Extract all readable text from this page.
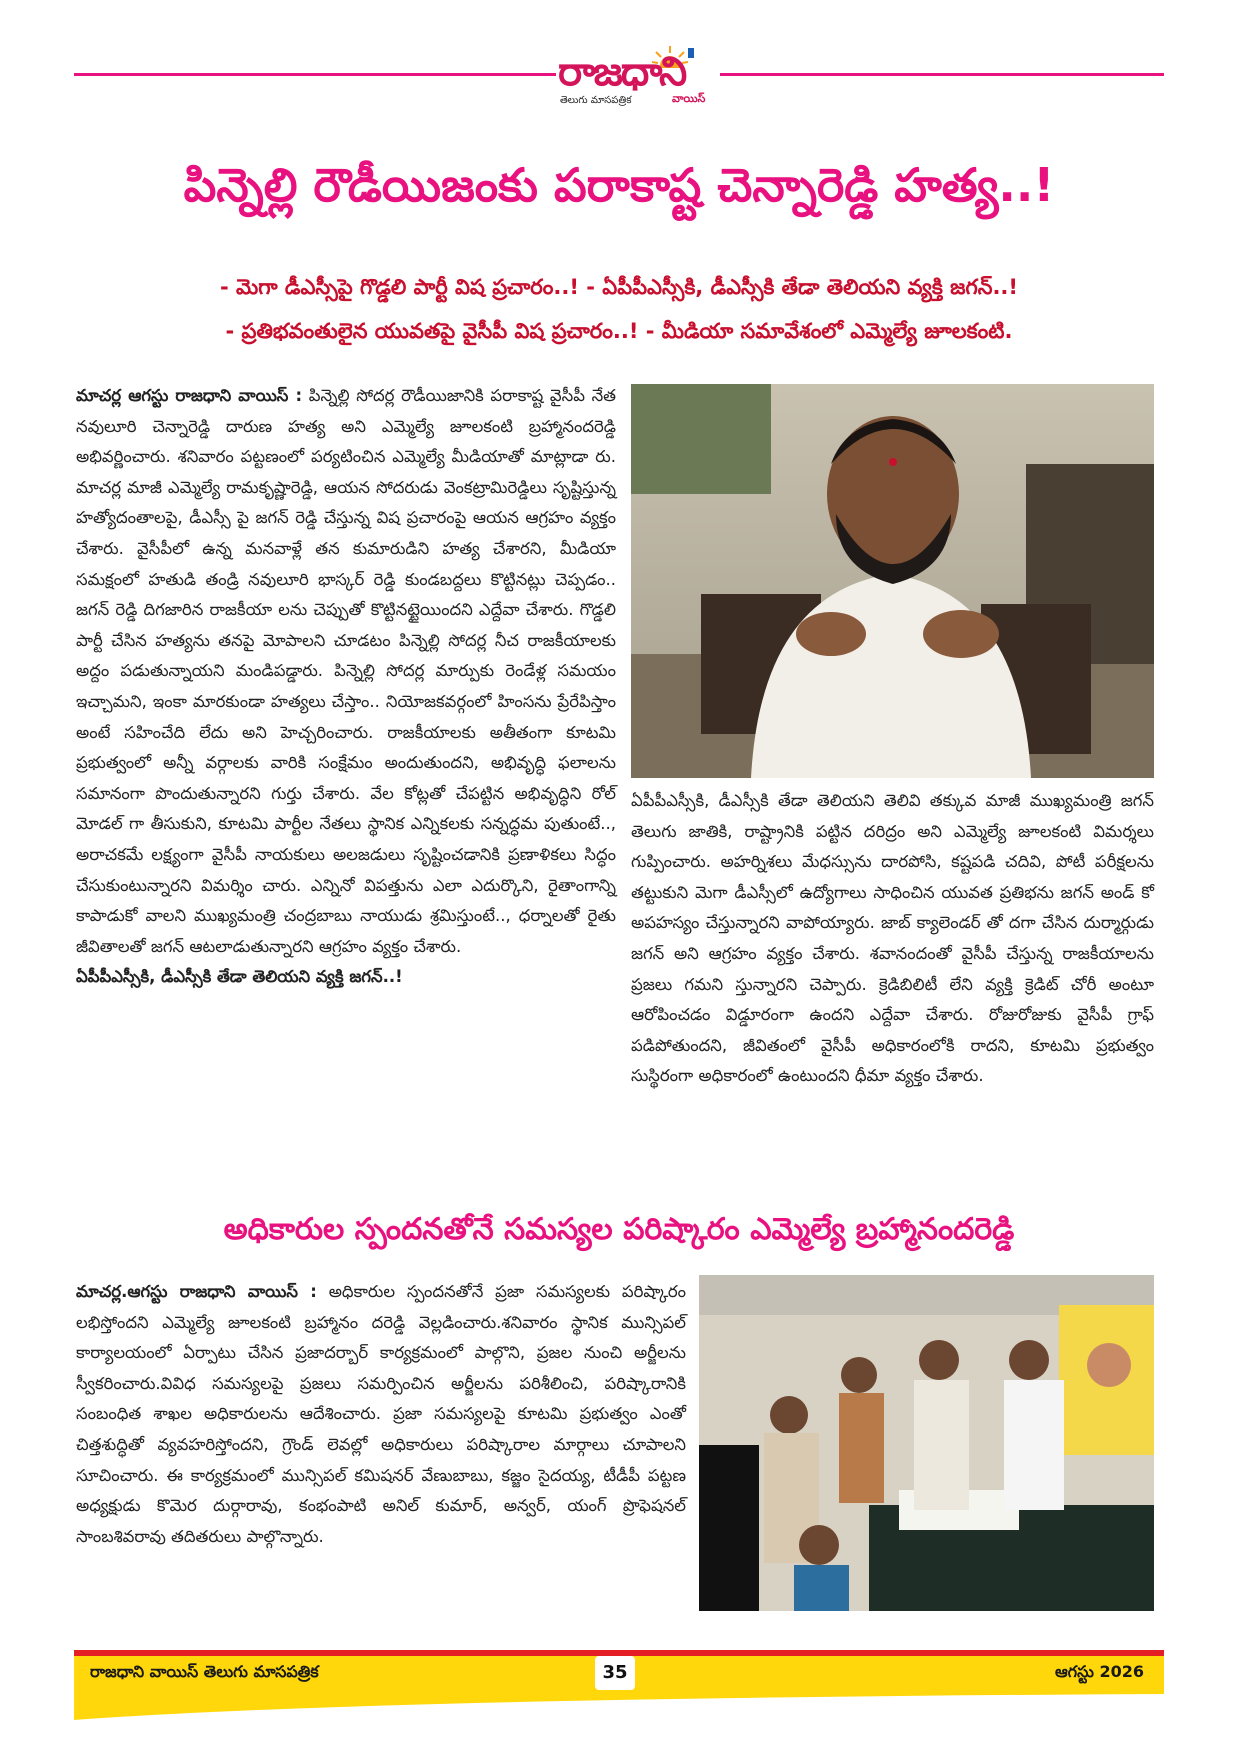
రాజధాని
తెలుగు మాసపత్రిక	వాయిస్
పిన్నెల్లి రౌడీయిజంకు పరాకాష్ట చెన్నారెడ్డి హత్య..!
- మెగా డీఎస్సీపై గొడ్డలి పార్టీ విష ప్రచారం..! - ఏపీపీఎస్సీకి, డీఎస్సీకి తేడా తెలియని వ్యక్తి జగన్..!
- ప్రతిభవంతులైన యువతపై వైసీపీ విష ప్రచారం..! - మీడియా సమావేశంలో ఎమ్మెల్యే జూలకంటి.
మాచర్ల ఆగస్టు రాజధాని వాయిస్ : పిన్నెల్లి సోదర్ల రౌడీయిజానికి పరాకాష్ట వైసీపీ నేత నవులూరి చెన్నారెడ్డి దారుణ హత్య అని ఎమ్మెల్యే జూలకంటి బ్రహ్మానందరెడ్డి అభివర్ణించారు. శనివారం పట్టణంలో పర్యటించిన ఎమ్మెల్యే మీడియాతో మాట్లాడా రు. మాచర్ల మాజీ ఎమ్మెల్యే రామకృష్ణారెడ్డి, ఆయన సోదరుడు వెంకట్రామిరెడ్డిలు సృష్టిస్తున్న హత్యోదంతాలపై, డీఎస్సీ పై జగన్ రెడ్డి చేస్తున్న విష ప్రచారంపై ఆయన ఆగ్రహం వ్యక్తం చేశారు. వైసీపీలో ఉన్న మనవాళ్లే తన కుమారుడిని హత్య చేశారని, మీడియా సమక్షంలో హతుడి తండ్రి నవులూరి భాస్కర్ రెడ్డి కుండబద్దలు కొట్టినట్లు చెప్పడం.. జగన్ రెడ్డి దిగజారిన రాజకీయా లను చెప్పుతో కొట్టినట్టైయిందని ఎద్దేవా చేశారు. గొడ్డలి పార్టీ చేసిన హత్యను తనపై మోపాలని చూడటం పిన్నెల్లి సోదర్ల నీచ రాజకీయాలకు అద్దం పడుతున్నాయని మండిపడ్డారు. పిన్నెల్లి సోదర్ల మార్పుకు రెండేళ్ల సమయం ఇచ్చామని, ఇంకా మారకుండా హత్యలు చేస్తాం.. నియోజకవర్గంలో హింసను ప్రేరేపిస్తాం అంటే సహించేది లేదు అని హెచ్చరించారు. రాజకీయాలకు అతీతంగా కూటమి ప్రభుత్వంలో అన్నీ వర్గాలకు వారికి సంక్షేమం అందుతుందని, అభివృద్ధి ఫలాలను సమానంగా పొందుతున్నారని గుర్తు చేశారు. వేల కోట్లతో చేపట్టిన అభివృద్ధిని రోల్ మోడల్ గా తీసుకుని, కూటమి పార్టీల నేతలు స్థానిక ఎన్నికలకు సన్నద్ధమ పుతుంటే.., అరాచకమే లక్ష్యంగా వైసీపీ నాయకులు అలజడులు సృష్టించడానికి ప్రణాళికలు సిద్ధం చేసుకుంటున్నారని విమర్శిం చారు. ఎన్నినో విపత్తును ఎలా ఎదుర్కొని, రైతాంగాన్ని కాపాడుకో వాలని ముఖ్యమంత్రి చంద్రబాబు నాయుడు శ్రమిస్తుంటే.., ధర్నాలతో రైతు జీవితాలతో జగన్ ఆటలాడుతున్నారని ఆగ్రహం వ్యక్తం చేశారు.
ఏపీపీఎస్సీకి, డీఎస్సీకి తేడా తెలియని వ్యక్తి జగన్..!
ఏపీపీఎస్సీకి, డీఎస్సీకి తేడా తెలియని తెలివి తక్కువ మాజీ ముఖ్యమంత్రి జగన్ తెలుగు జాతికి, రాష్ట్రానికి పట్టిన దరిద్రం అని ఎమ్మెల్యే జూలకంటి విమర్శలు గుప్పించారు. అహర్నిశలు మేధస్సును దారపోసి, కష్టపడి చదివి, పోటీ పరీక్షలను తట్టుకుని మెగా డీఎస్సీలో ఉద్యోగాలు సాధించిన యువత ప్రతిభను జగన్ అండ్ కో అపహస్యం చేస్తున్నారని వాపోయ్యారు. జాబ్ క్యాలెండర్ తో దగా చేసిన దుర్మార్గుడు జగన్ అని ఆగ్రహం వ్యక్తం చేశారు. శవానందంతో వైసీపీ చేస్తున్న రాజకీయాలను ప్రజలు గమని స్తున్నారని చెప్పారు. క్రెడిబిలిటీ లేని వ్యక్తి క్రెడిట్ చోరీ అంటూ ఆరోపించడం విడ్డూరంగా ఉందని ఎద్దేవా చేశారు. రోజురోజుకు వైసీపీ గ్రాఫ్ పడిపోతుందని, జీవితంలో వైసీపీ అధికారంలోకి రాదని, కూటమి ప్రభుత్వం సుస్థిరంగా అధికారంలో ఉంటుందని ధీమా వ్యక్తం చేశారు.
అధికారుల స్పందనతోనే సమస్యల పరిష్కారం ఎమ్మెల్యే బ్రహ్మానందరెడ్డి
మాచర్ల.ఆగస్టు రాజధాని వాయిస్ : అధికారుల స్పందనతోనే ప్రజా సమస్యలకు పరిష్కారం లభిస్తోందని ఎమ్మెల్యే జూలకంటి బ్రహ్మానం దరెడ్డి వెల్లడించారు.శనివారం స్థానిక మున్సిపల్ కార్యాలయంలో ఏర్పాటు చేసిన ప్రజాదర్బార్ కార్యక్రమంలో పాల్గొని, ప్రజల నుంచి అర్జీలను స్వీకరించారు.వివిధ సమస్యలపై ప్రజలు సమర్పించిన అర్జీలను పరిశీలించి, పరిష్కారానికి సంబంధిత శాఖల అధికారులను ఆదేశించారు. ప్రజా సమస్యలపై కూటమి ప్రభుత్వం ఎంతో చిత్తశుద్ధితో వ్యవహరిస్తోందని, గ్రౌండ్ లెవల్లో అధికారులు పరిష్కారాల మార్గాలు చూపాలని సూచించారు. ఈ కార్యక్రమంలో మున్సిపల్ కమిషనర్ వేణుబాబు, కజ్జం సైదయ్య, టీడీపీ పట్టణ అధ్యక్షుడు కొమెర దుర్గారావు, కంభంపాటి అనిల్ కుమార్, అన్వర్, యంగ్ ప్రొఫెషనల్ సాంబశివరావు తదితరులు పాల్గొన్నారు.
రాజధాని వాయిస్ తెలుగు మాసపత్రిక	35	ఆగస్టు 2026
